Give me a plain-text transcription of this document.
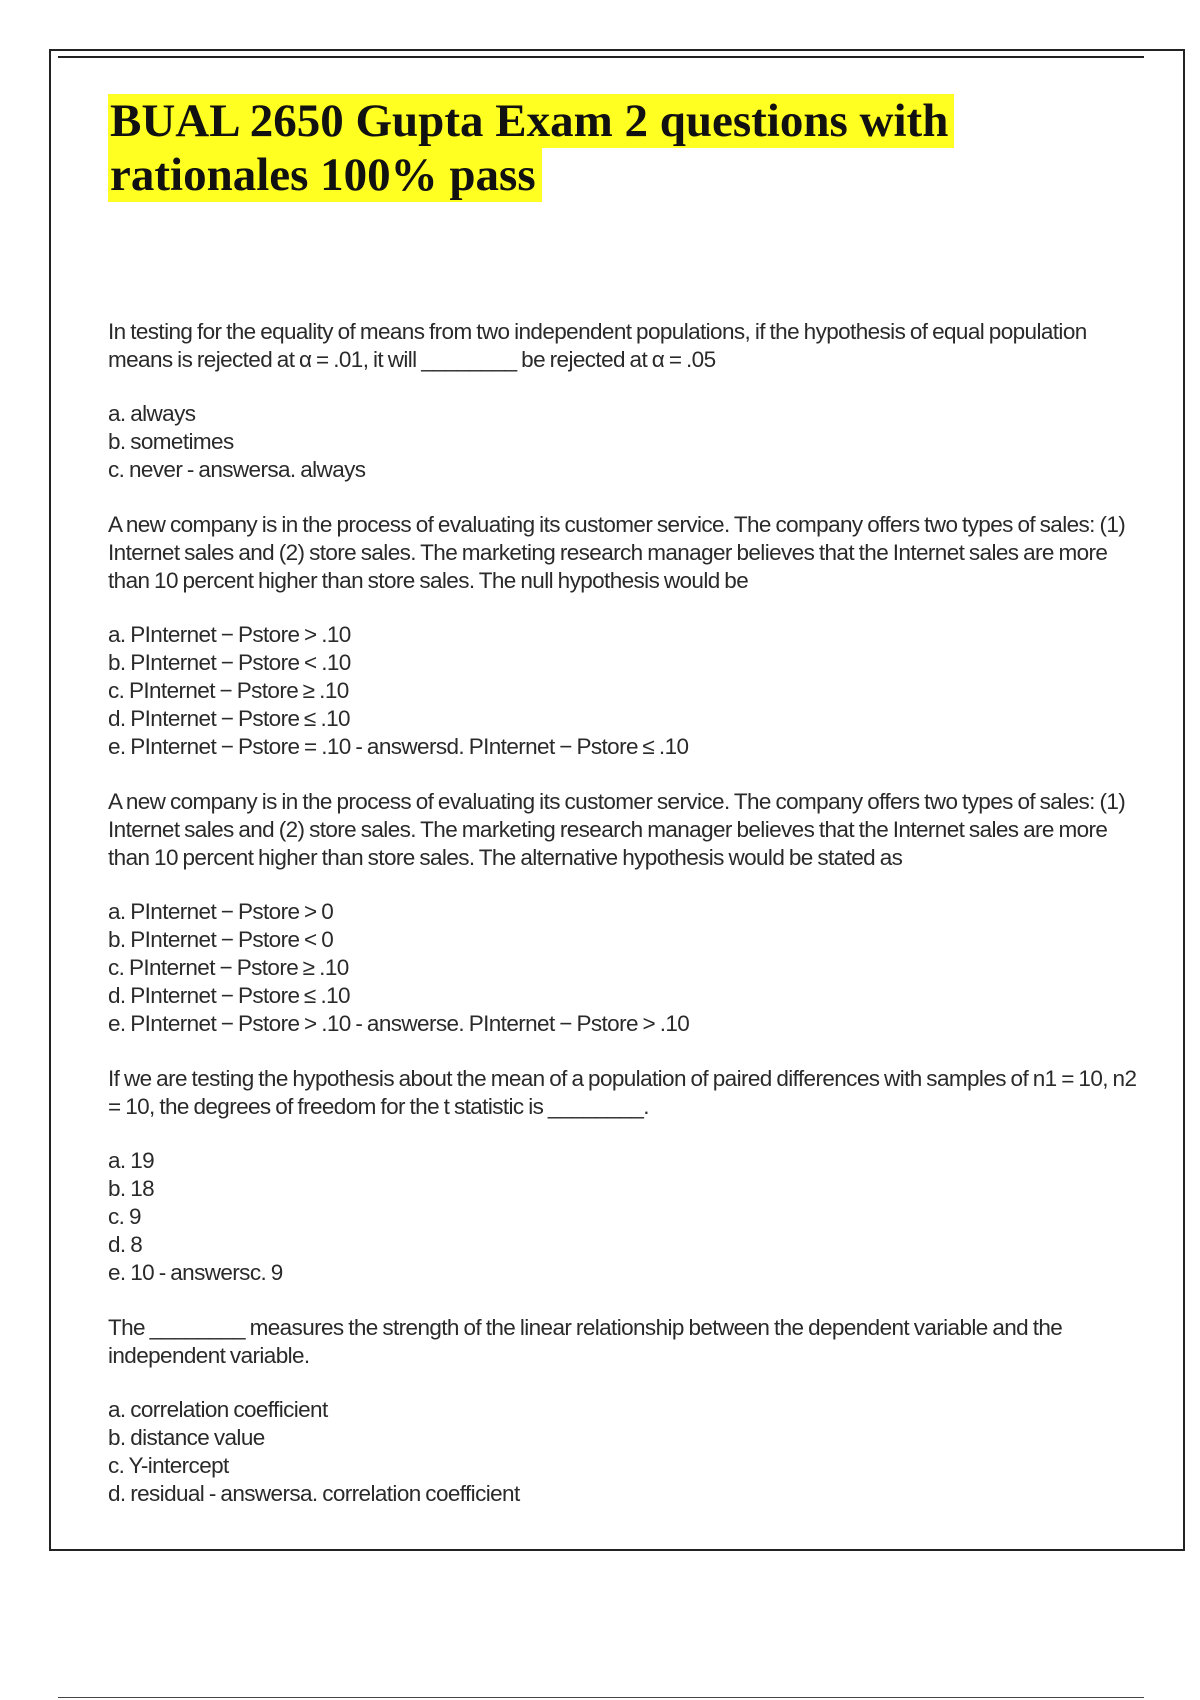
BUAL 2650 Gupta Exam 2 questions with
rationales 100% pass

In testing for the equality of means from two independent populations, if the hypothesis of equal population means is rejected at α = .01, it will ________ be rejected at α = .05

a. always

b. sometimes

c. never - answersa. always

A new company is in the process of evaluating its customer service. The company offers two types of sales: (1) Internet sales and (2) store sales. The marketing research manager believes that the Internet sales are more than 10 percent higher than store sales. The null hypothesis would be

a. PInternet − Pstore > .10

b. PInternet − Pstore < .10

c. PInternet − Pstore ≥ .10

d. PInternet − Pstore ≤ .10

e. PInternet − Pstore = .10 - answersd. PInternet − Pstore ≤ .10

A new company is in the process of evaluating its customer service. The company offers two types of sales: (1) Internet sales and (2) store sales. The marketing research manager believes that the Internet sales are more than 10 percent higher than store sales. The alternative hypothesis would be stated as

a. PInternet − Pstore > 0

b. PInternet − Pstore < 0

c. PInternet − Pstore ≥ .10

d. PInternet − Pstore ≤ .10

e. PInternet − Pstore > .10 - answerse. PInternet − Pstore > .10

If we are testing the hypothesis about the mean of a population of paired differences with samples of n1 = 10, n2 = 10, the degrees of freedom for the t statistic is ________.

a. 19

b. 18

c. 9

d. 8

e. 10 - answersc. 9

The ________ measures the strength of the linear relationship between the dependent variable and the independent variable.

a. correlation coefficient

b. distance value

c. Y-intercept

d. residual - answersa. correlation coefficient
